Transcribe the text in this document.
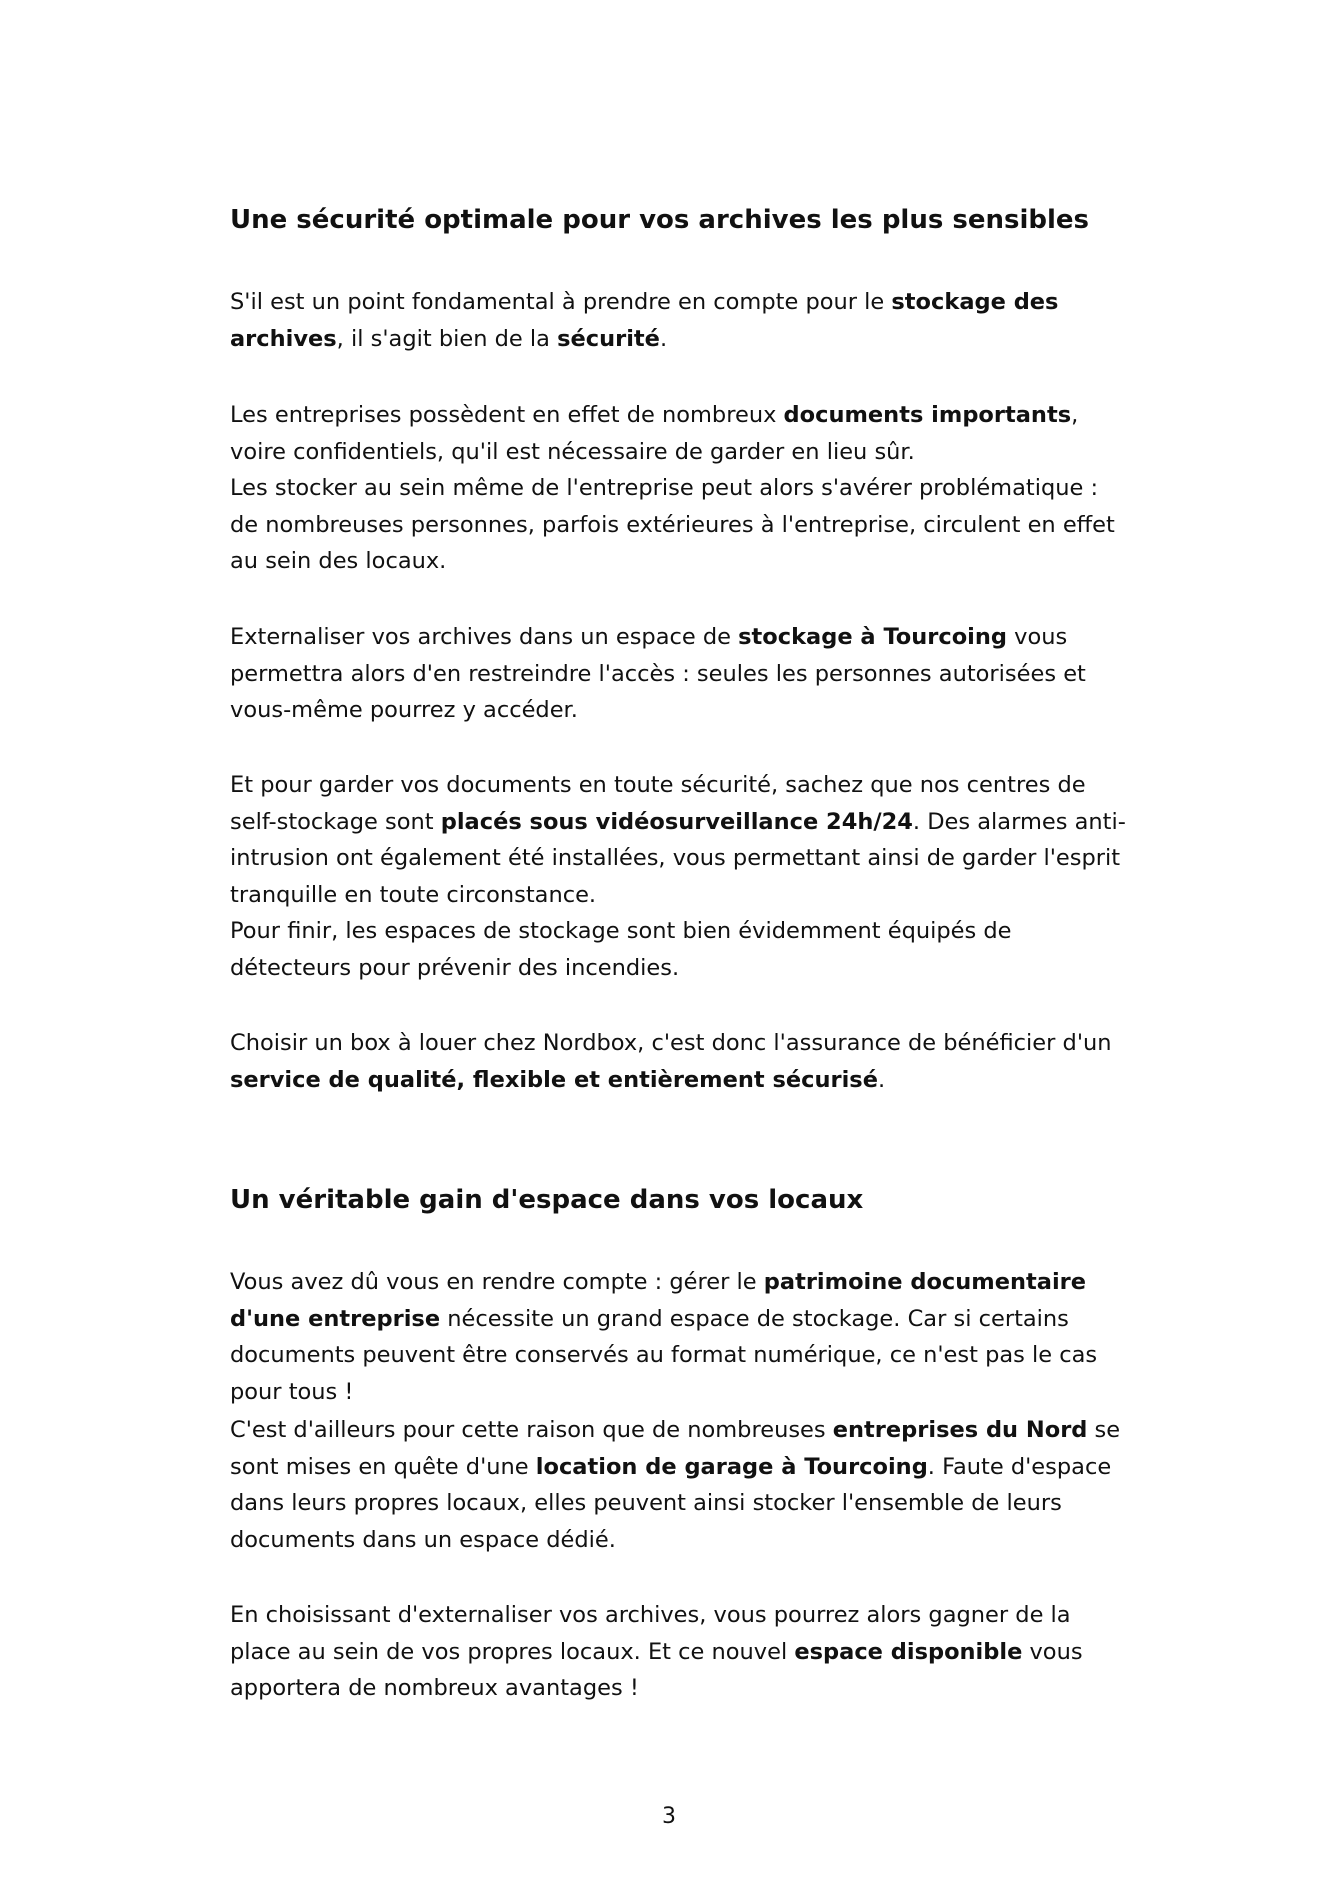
Une sécurité optimale pour vos archives les plus sensibles

S'il est un point fondamental à prendre en compte pour le stockage des archives, il s'agit bien de la sécurité.

Les entreprises possèdent en effet de nombreux documents importants, voire confidentiels, qu'il est nécessaire de garder en lieu sûr.
Les stocker au sein même de l'entreprise peut alors s'avérer problématique : de nombreuses personnes, parfois extérieures à l'entreprise, circulent en effet au sein des locaux.

Externaliser vos archives dans un espace de stockage à Tourcoing vous permettra alors d'en restreindre l'accès : seules les personnes autorisées et vous-même pourrez y accéder.

Et pour garder vos documents en toute sécurité, sachez que nos centres de self-stockage sont placés sous vidéosurveillance 24h/24. Des alarmes anti-intrusion ont également été installées, vous permettant ainsi de garder l'esprit tranquille en toute circonstance.
Pour finir, les espaces de stockage sont bien évidemment équipés de détecteurs pour prévenir des incendies.

Choisir un box à louer chez Nordbox, c'est donc l'assurance de bénéficier d'un service de qualité, flexible et entièrement sécurisé.

Un véritable gain d'espace dans vos locaux

Vous avez dû vous en rendre compte : gérer le patrimoine documentaire d'une entreprise nécessite un grand espace de stockage. Car si certains documents peuvent être conservés au format numérique, ce n'est pas le cas pour tous !

C'est d'ailleurs pour cette raison que de nombreuses entreprises du Nord se sont mises en quête d'une location de garage à Tourcoing. Faute d'espace dans leurs propres locaux, elles peuvent ainsi stocker l'ensemble de leurs documents dans un espace dédié.

En choisissant d'externaliser vos archives, vous pourrez alors gagner de la place au sein de vos propres locaux. Et ce nouvel espace disponible vous apportera de nombreux avantages !

3
